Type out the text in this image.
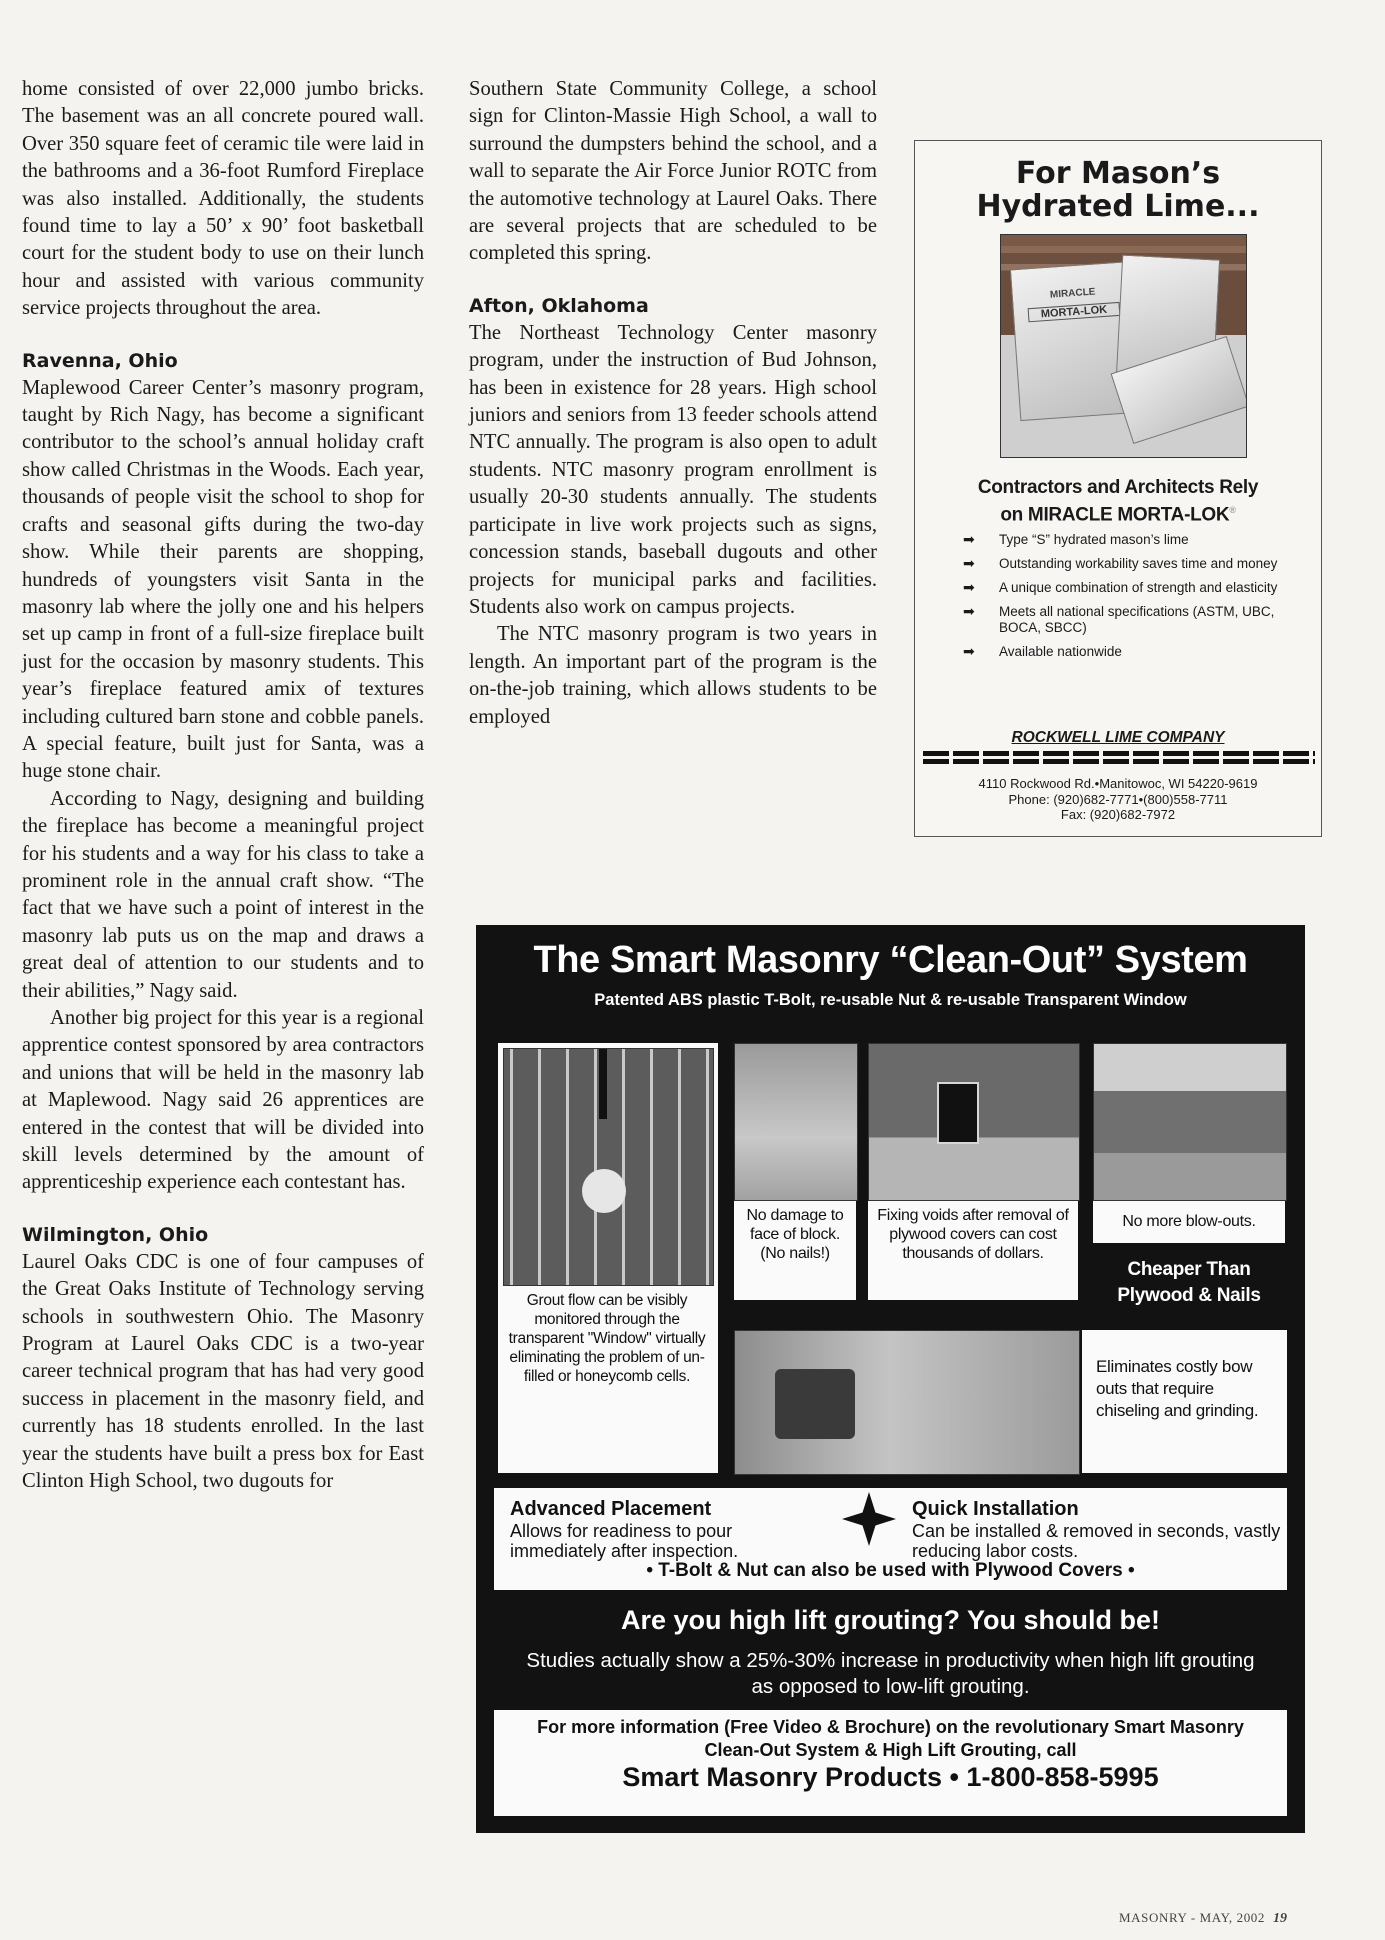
home consisted of over 22,000 jumbo bricks. The basement was an all concrete poured wall. Over 350 square feet of ceramic tile were laid in the bathrooms and a 36-foot Rumford Fireplace was also installed. Additionally, the students found time to lay a 50’ x 90’ foot basketball court for the student body to use on their lunch hour and assisted with various community service projects throughout the area.

Ravenna, Ohio

Maplewood Career Center’s masonry program, taught by Rich Nagy, has become a significant contributor to the school’s annual holiday craft show called Christmas in the Woods. Each year, thousands of people visit the school to shop for crafts and seasonal gifts during the two-day show. While their parents are shopping, hundreds of youngsters visit Santa in the masonry lab where the jolly one and his helpers set up camp in front of a full-size fireplace built just for the occasion by masonry students. This year’s fireplace featured amix of textures including cultured barn stone and cobble panels. A special feature, built just for Santa, was a huge stone chair.

According to Nagy, designing and building the fireplace has become a meaningful project for his students and a way for his class to take a prominent role in the annual craft show. “The fact that we have such a point of interest in the masonry lab puts us on the map and draws a great deal of attention to our students and to their abilities,” Nagy said.

Another big project for this year is a regional apprentice contest sponsored by area contractors and unions that will be held in the masonry lab at Maplewood. Nagy said 26 apprentices are entered in the contest that will be divided into skill levels determined by the amount of apprenticeship experience each contestant has.

Wilmington, Ohio

Laurel Oaks CDC is one of four campuses of the Great Oaks Institute of Technology serving schools in southwestern Ohio. The Masonry Program at Laurel Oaks CDC is a two-year career technical program that has had very good success in placement in the masonry field, and currently has 18 students enrolled. In the last year the students have built a press box for East Clinton High School, two dugouts for

Southern State Community College, a school sign for Clinton-Massie High School, a wall to surround the dumpsters behind the school, and a wall to separate the Air Force Junior ROTC from the automotive technology at Laurel Oaks. There are several projects that are scheduled to be completed this spring.

Afton, Oklahoma

The Northeast Technology Center masonry program, under the instruction of Bud Johnson, has been in existence for 28 years. High school juniors and seniors from 13 feeder schools attend NTC annually. The program is also open to adult students. NTC masonry program enrollment is usually 20-30 students annually. The students participate in live work projects such as signs, concession stands, baseball dugouts and other projects for municipal parks and facilities. Students also work on campus projects.

The NTC masonry program is two years in length. An important part of the program is the on-the-job training, which allows students to be employed

For Mason’s
Hydrated Lime...
MIRACLE
MORTA-LOK
Contractors and Architects Rely
on MIRACLE MORTA-LOK®
➡ Type “S” hydrated mason’s lime
➡ Outstanding workability saves time and money
➡ A unique combination of strength and elasticity
➡ Meets all national specifications (ASTM, UBC, BOCA, SBCC)
➡ Available nationwide
ROCKWELL LIME COMPANY
4110 Rockwood Rd.•Manitowoc, WI 54220-9619
Phone: (920)682-7771•(800)558-7711
Fax: (920)682-7972
The Smart Masonry “Clean-Out” System
Patented ABS plastic T-Bolt, re-usable Nut & re-usable Transparent Window
Grout flow can be visibly monitored through the transparent "Window" virtually eliminating the problem of un-filled or honeycomb cells.
No damage to face of block. (No nails!)
Fixing voids after removal of plywood covers can cost thousands of dollars.
No more blow-outs.
Cheaper Than Plywood & Nails
Eliminates costly bow outs that require chiseling and grinding.
Advanced Placement
Allows for readiness to pour immediately after inspection.
Quick Installation
Can be installed & removed in seconds, vastly reducing labor costs.
• T-Bolt & Nut can also be used with Plywood Covers •
Are you high lift grouting? You should be!
Studies actually show a 25%-30% increase in productivity when high lift grouting as opposed to low-lift grouting.
For more information (Free Video & Brochure) on the revolutionary Smart Masonry Clean-Out System & High Lift Grouting, call
Smart Masonry Products • 1-800-858-5995
MASONRY - MAY, 2002 19
